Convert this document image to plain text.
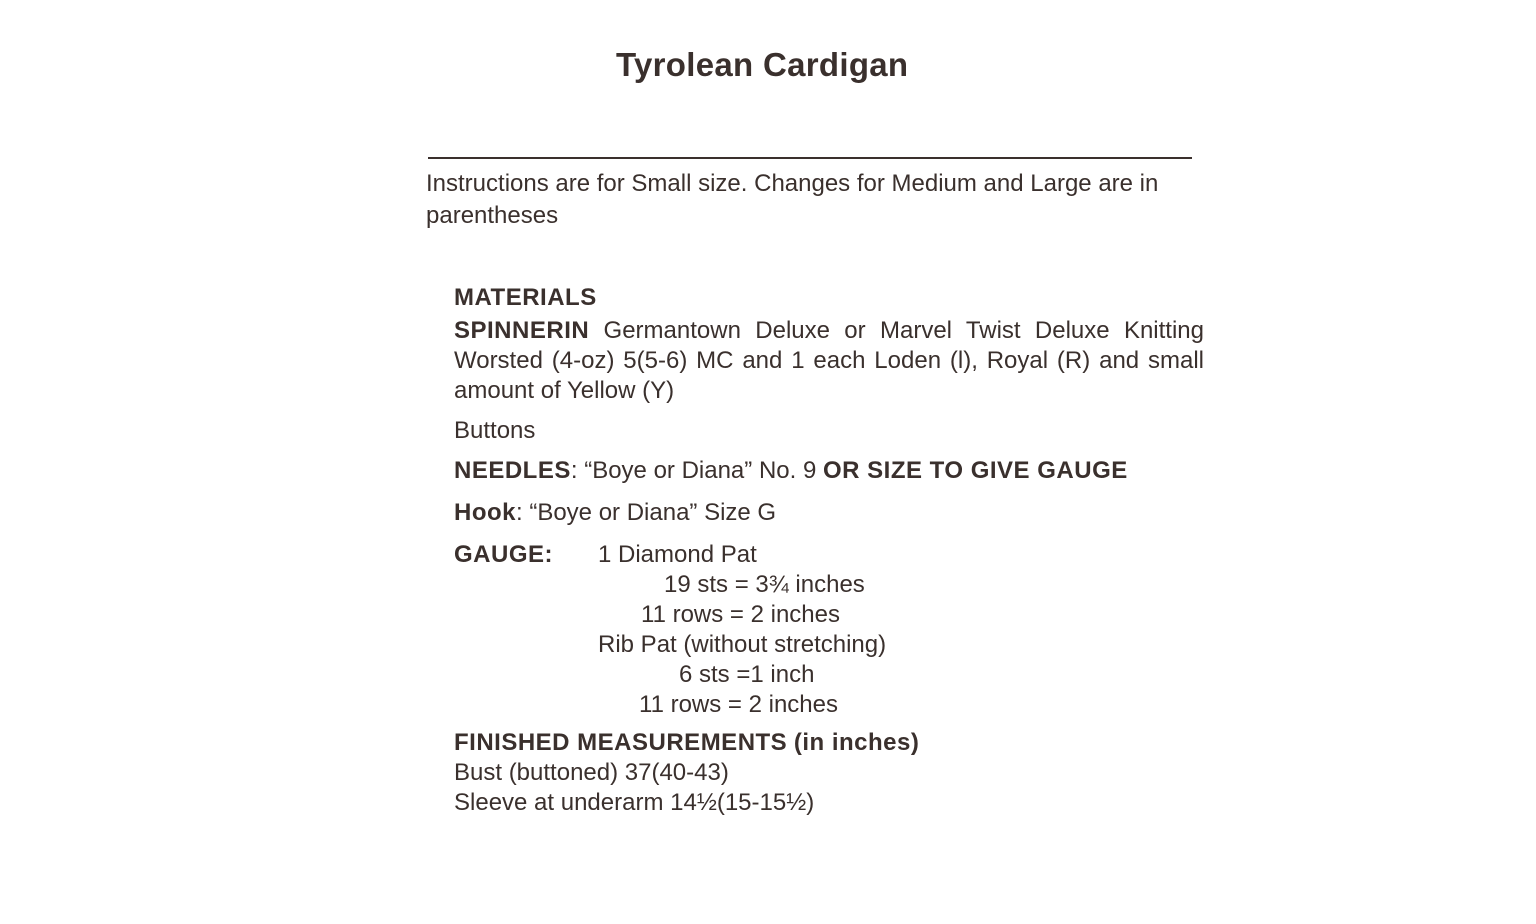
Tyrolean Cardigan
Instructions are for Small size. Changes for Medium and Large are in parentheses
MATERIALS

SPINNERIN Germantown Deluxe or Marvel Twist Deluxe Knitting Worsted (4-oz) 5(5-6) MC and 1 each Loden (l), Royal (R) and small amount of Yellow (Y)

Buttons

NEEDLES: “Boye or Diana” No. 9 OR SIZE TO GIVE GAUGE

Hook: “Boye or Diana” Size G
GAUGE: 1 Diamond Pat
19 sts = 3¾ inches
11 rows = 2 inches
Rib Pat (without stretching)
6 sts =1 inch
11 rows = 2 inches
FINISHED MEASUREMENTS (in inches)
Bust (buttoned) 37(40-43)
Sleeve at underarm 14½(15-15½)
